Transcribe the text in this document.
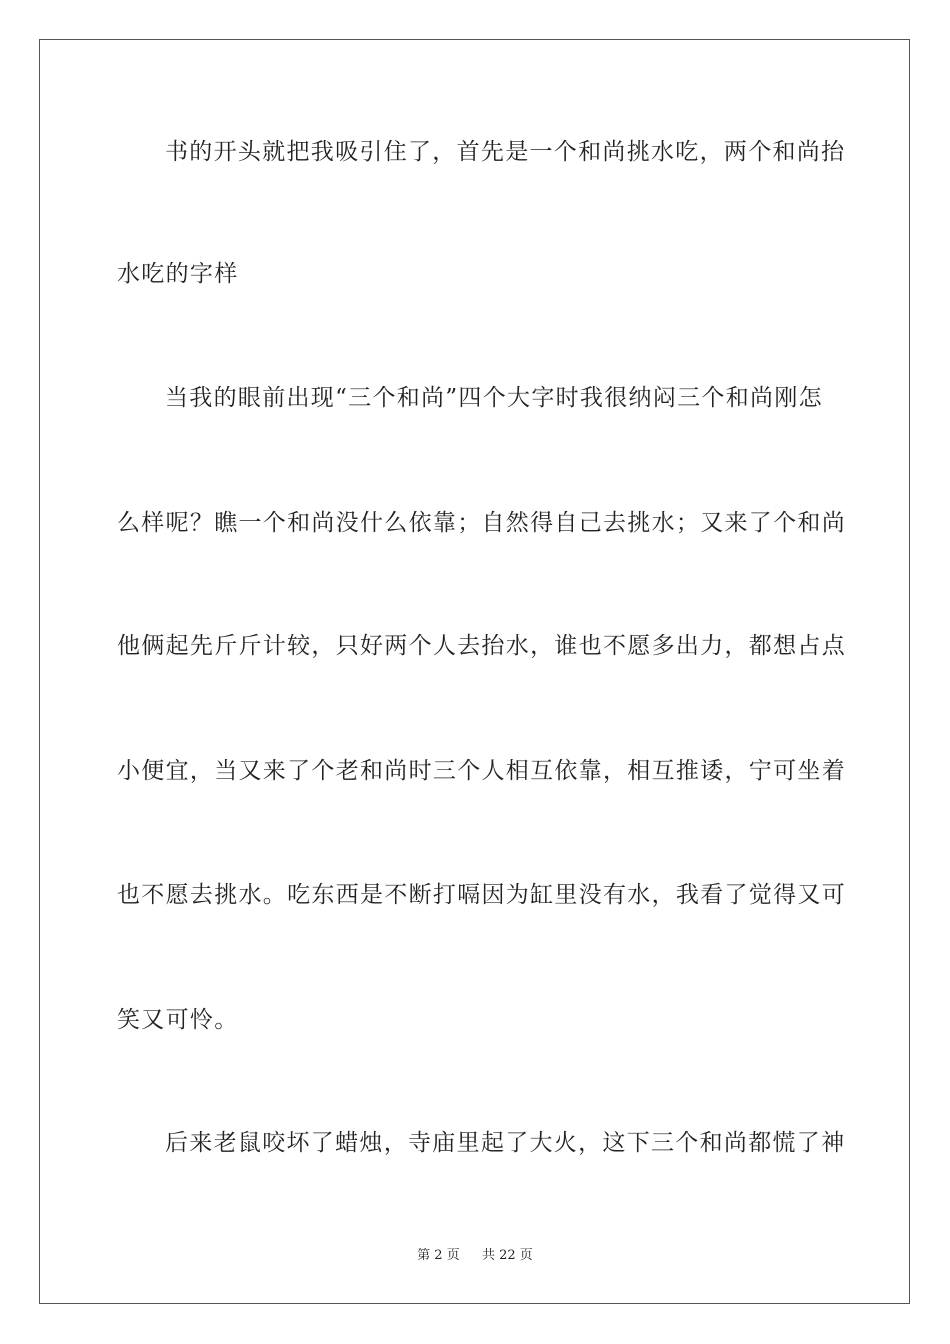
书的开头就把我吸引住了，首先是一个和尚挑水吃，两个和尚抬
水吃的字样
当我的眼前出现“三个和尚”四个大字时我很纳闷三个和尚刚怎
么样呢？瞧一个和尚没什么依靠；自然得自己去挑水；又来了个和尚
他俩起先斤斤计较，只好两个人去抬水，谁也不愿多出力，都想占点
小便宜，当又来了个老和尚时三个人相互依靠，相互推诿，宁可坐着
也不愿去挑水。吃东西是不断打嗝因为缸里没有水，我看了觉得又可
笑又可怜。
后来老鼠咬坏了蜡烛，寺庙里起了大火，这下三个和尚都慌了神
第 2 页 共 22 页
